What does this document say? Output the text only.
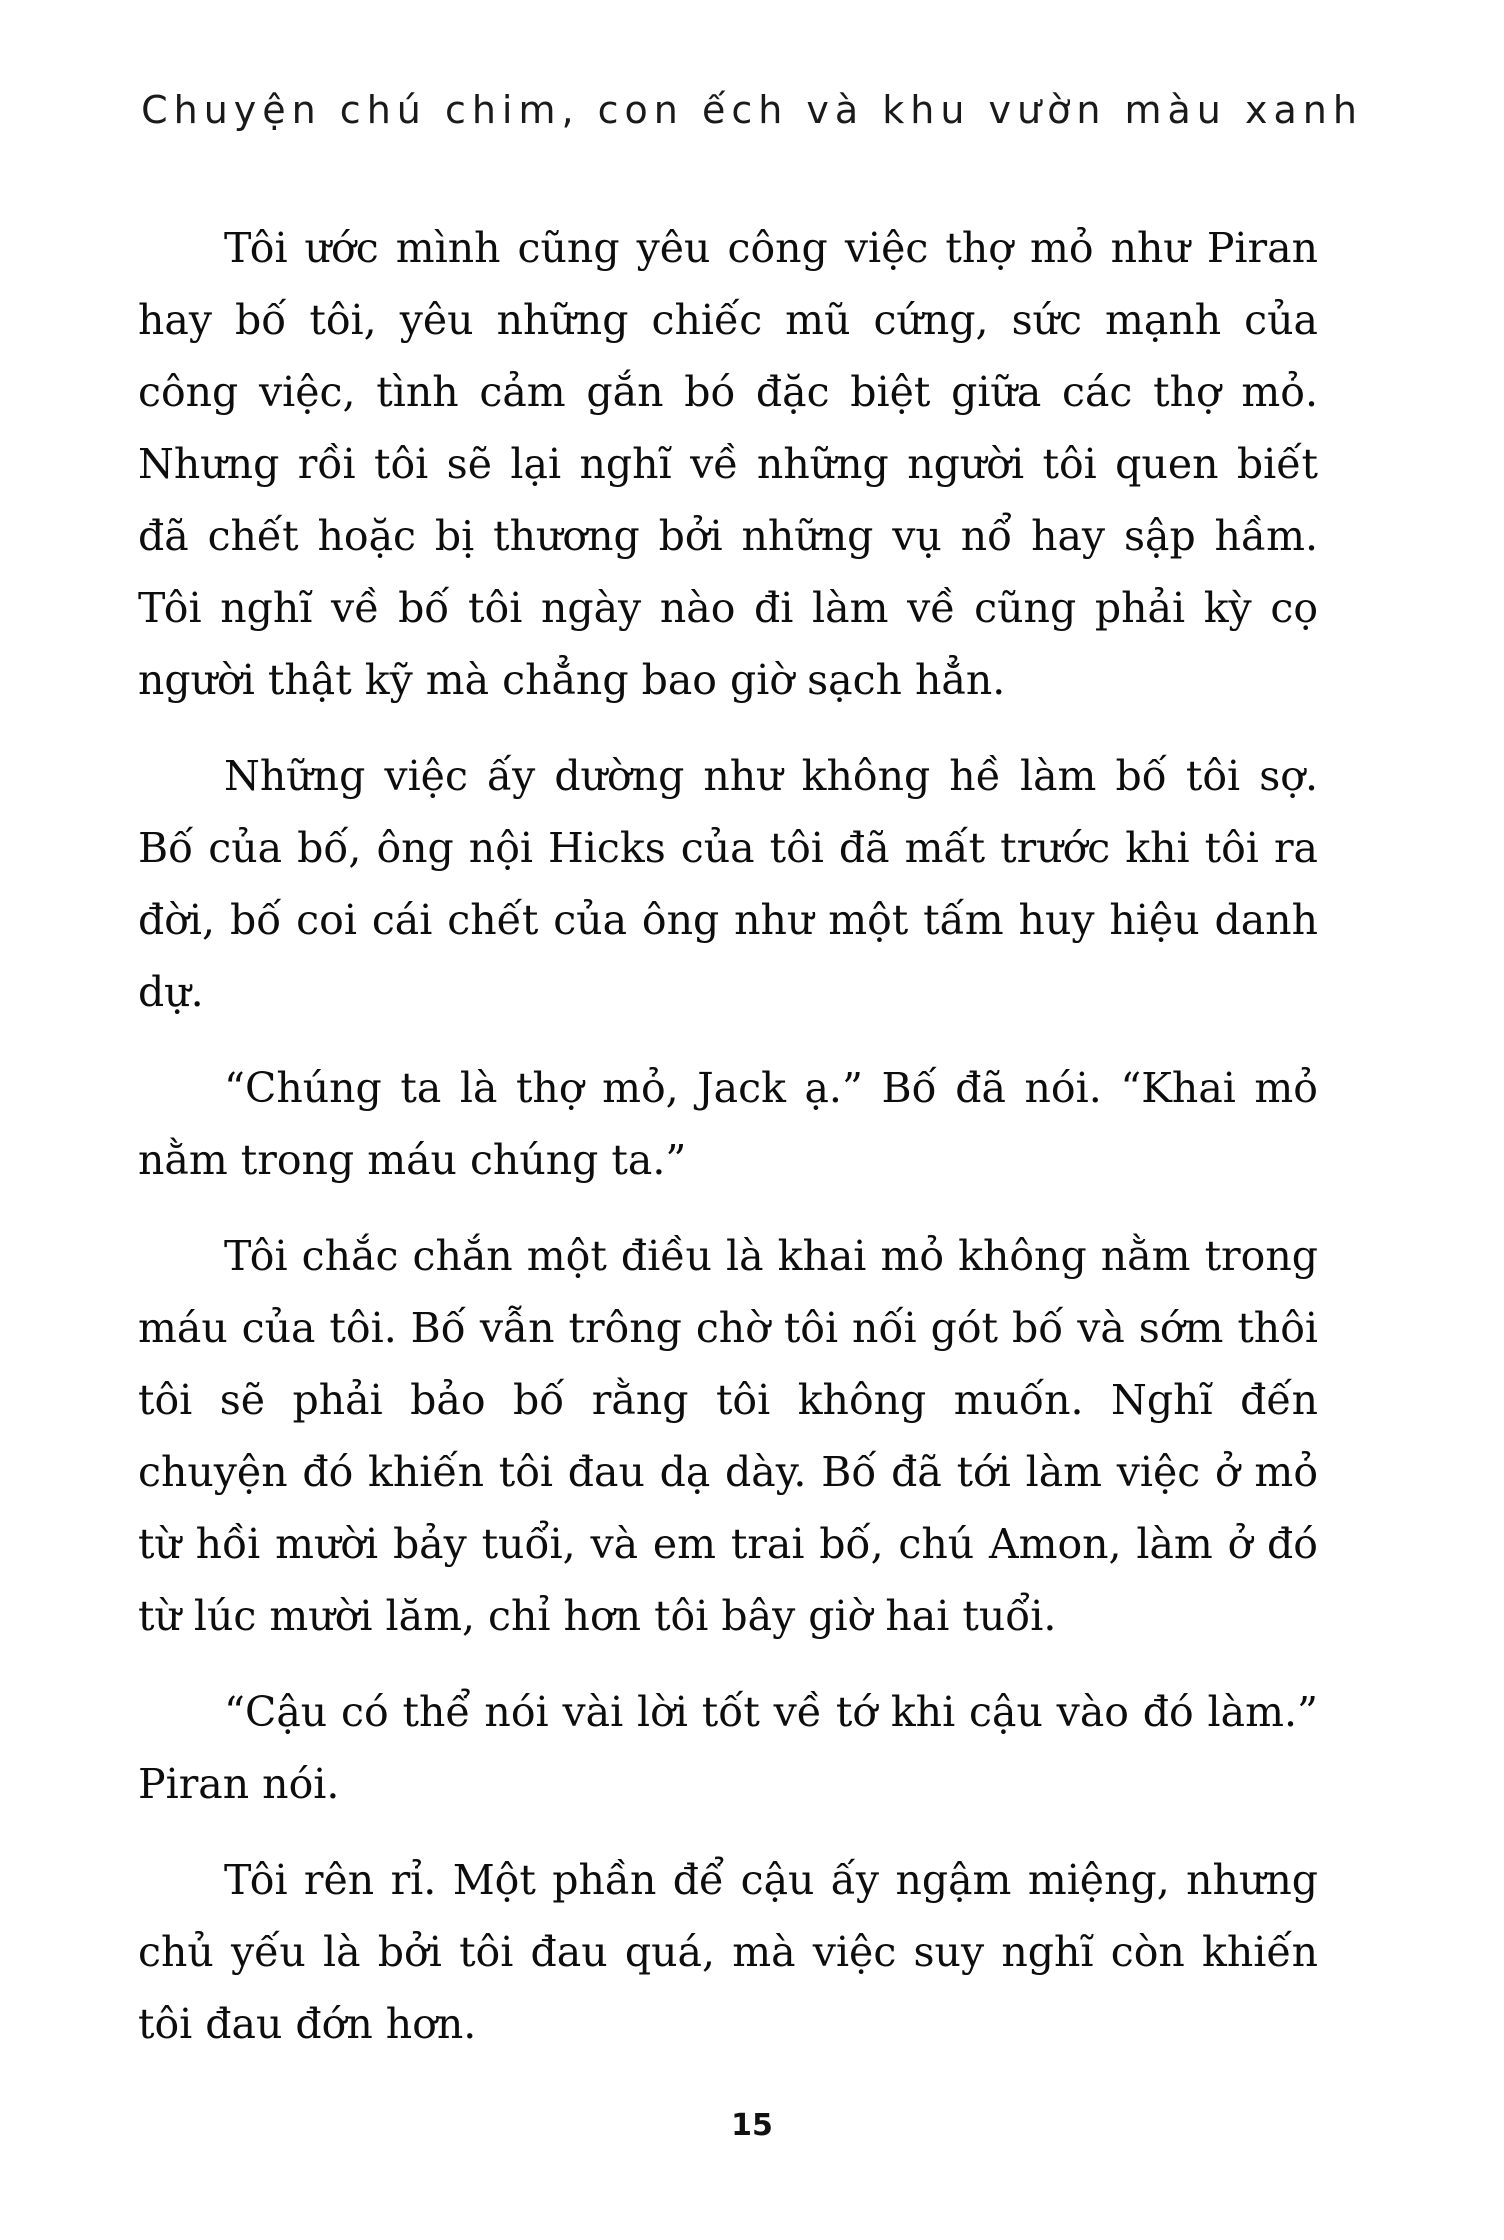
Chuyện chú chim, con ếch và khu vườn màu xanh

Tôi ước mình cũng yêu công việc thợ mỏ như Piran hay bố tôi, yêu những chiếc mũ cứng, sức mạnh của công việc, tình cảm gắn bó đặc biệt giữa các thợ mỏ. Nhưng rồi tôi sẽ lại nghĩ về những người tôi quen biết đã chết hoặc bị thương bởi những vụ nổ hay sập hầm. Tôi nghĩ về bố tôi ngày nào đi làm về cũng phải kỳ cọ người thật kỹ mà chẳng bao giờ sạch hẳn.

Những việc ấy dường như không hề làm bố tôi sợ. Bố của bố, ông nội Hicks của tôi đã mất trước khi tôi ra đời, bố coi cái chết của ông như một tấm huy hiệu danh dự.

“Chúng ta là thợ mỏ, Jack ạ.” Bố đã nói. “Khai mỏ nằm trong máu chúng ta.”

Tôi chắc chắn một điều là khai mỏ không nằm trong máu của tôi. Bố vẫn trông chờ tôi nối gót bố và sớm thôi tôi sẽ phải bảo bố rằng tôi không muốn. Nghĩ đến chuyện đó khiến tôi đau dạ dày. Bố đã tới làm việc ở mỏ từ hồi mười bảy tuổi, và em trai bố, chú Amon, làm ở đó từ lúc mười lăm, chỉ hơn tôi bây giờ hai tuổi.

“Cậu có thể nói vài lời tốt về tớ khi cậu vào đó làm.” Piran nói.

Tôi rên rỉ. Một phần để cậu ấy ngậm miệng, nhưng chủ yếu là bởi tôi đau quá, mà việc suy nghĩ còn khiến tôi đau đớn hơn.

15
